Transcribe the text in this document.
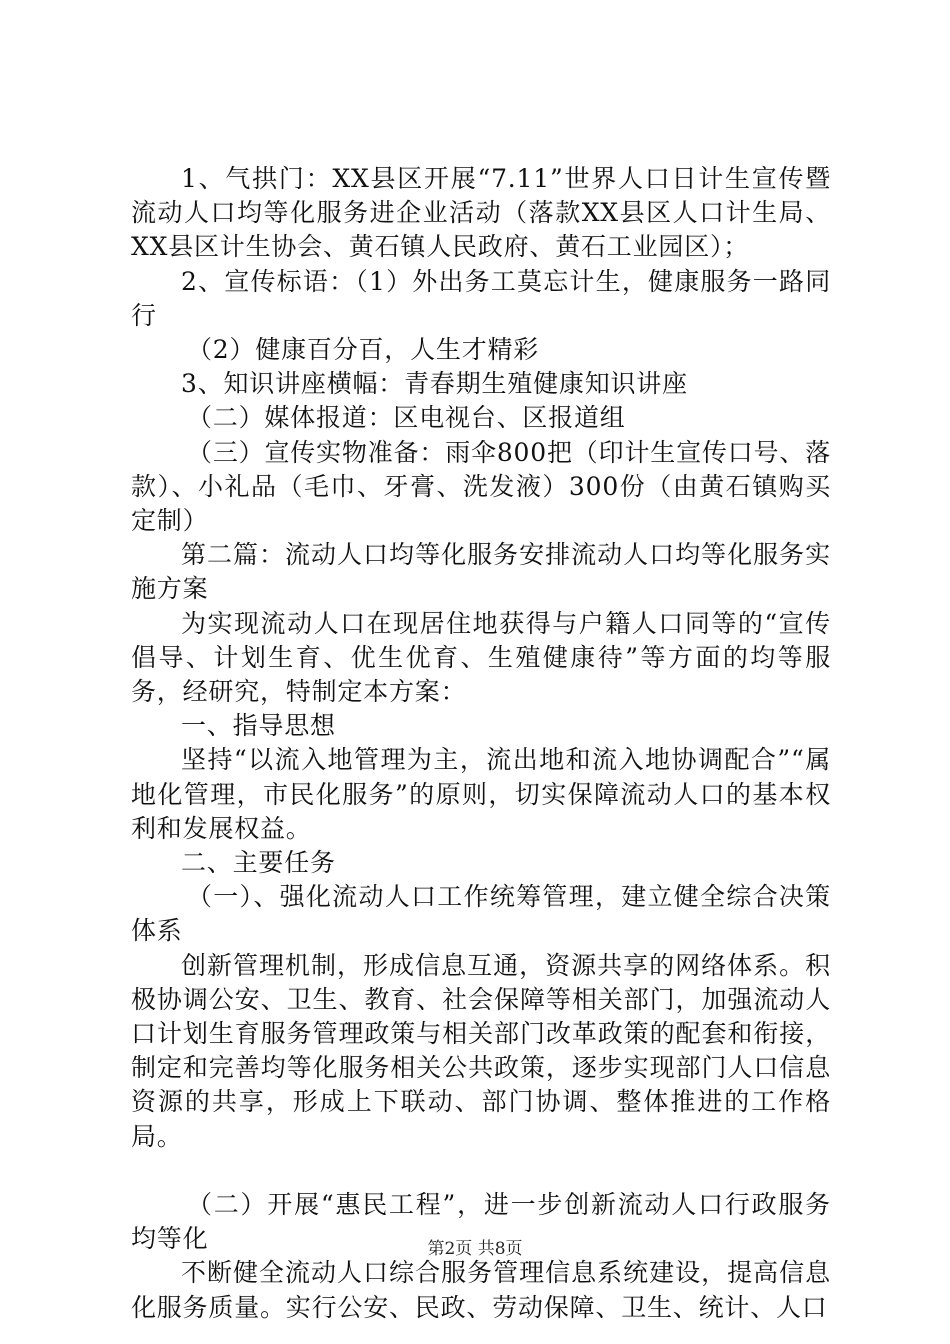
1、气拱门：XX县区开展“7.11”世界人口日计生宣传暨流动人口均等化服务进企业活动（落款XX县区人口计生局、XX县区计生协会、黄石镇人民政府、黄石工业园区）；

2、宣传标语：（1）外出务工莫忘计生，健康服务一路同行

（2）健康百分百，人生才精彩

3、知识讲座横幅：青春期生殖健康知识讲座

（二）媒体报道：区电视台、区报道组

（三）宣传实物准备：雨伞800把（印计生宣传口号、落款）、小礼品（毛巾、牙膏、洗发液）300份（由黄石镇购买定制）

第二篇：流动人口均等化服务安排流动人口均等化服务实施方案

为实现流动人口在现居住地获得与户籍人口同等的“宣传倡导、计划生育、优生优育、生殖健康待”等方面的均等服务，经研究，特制定本方案：

一、指导思想

坚持“以流入地管理为主，流出地和流入地协调配合”“属地化管理，市民化服务”的原则，切实保障流动人口的基本权利和发展权益。

二、主要任务

（一）、强化流动人口工作统筹管理，建立健全综合决策体系

创新管理机制，形成信息互通，资源共享的网络体系。积极协调公安、卫生、教育、社会保障等相关部门，加强流动人口计划生育服务管理政策与相关部门改革政策的配套和衔接，制定和完善均等化服务相关公共政策，逐步实现部门人口信息资源的共享，形成上下联动、部门协调、整体推进的工作格局。

（二）开展“惠民工程”，进一步创新流动人口行政服务均等化

不断健全流动人口综合服务管理信息系统建设，提高信息化服务质量。实行公安、民政、劳动保障、卫生、统计、人口

第2页 共8页
